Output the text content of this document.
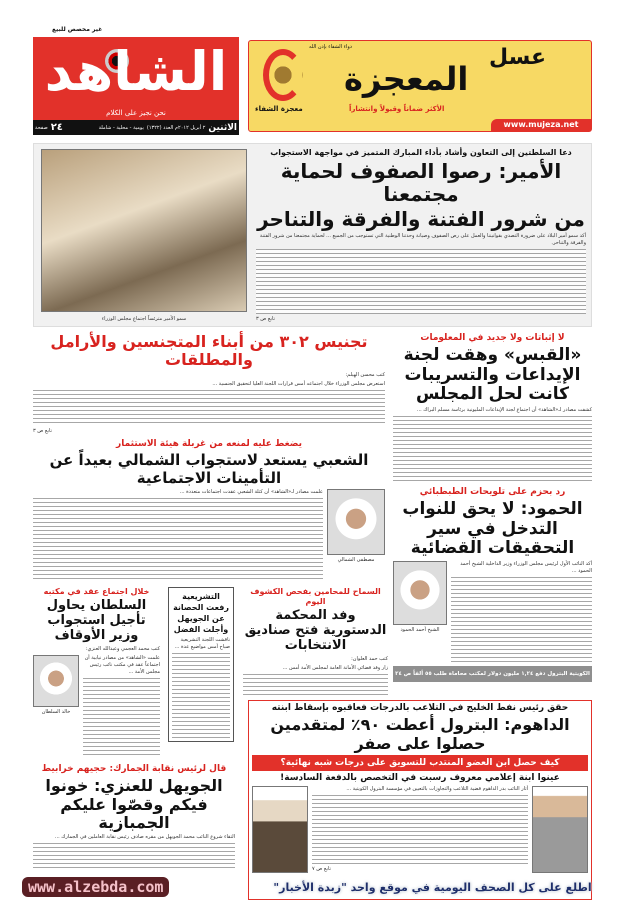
غير مخصص للبيع
الشاهد
نحن نجيز على الكلام
الاثنين
٢ أبريل ٢٠١٢م العدد (١٣٢٢)
يومية - محلية - شاملة
٢٤
صفحة
دواء الشفاء بإذن الله	عسل
المعجزة
معجزة الشفاء	الأكثر ضماناً وقبولاً وانتشاراً
www.mujeza.net
سمو الأمير مترئساً اجتماع مجلس الوزراء
دعا السلطتين إلى التعاون وأشاد بأداء المبارك المتميز في مواجهة الاستجواب
الأمير: رصوا الصفوف لحماية مجتمعنا
من شرور الفتنة والفرقة والتناحر
أكد سمو أمير البلاد على ضرورة التصدي بقوانيننا والعمل على رص الصفوف وصيانة وحدتنا الوطنية التي تستوجب من الجميع ... لحماية مجتمعنا من شرور الفتنة والفرقة والتناحر.
تابع ص ٣
لا إثباتات ولا جديد في المعلومات
«القبس» وهقت لجنة الإيداعات والتسريبات كانت لحل المجلس
كشفت مصادر لـ«الشاهد» أن اجتماع لجنة الإيداعات المليونية برئاسة مسلم البراك ...
رد بحزم على تلويحات الطبطبائي
الحمود: لا يحق للنواب التدخل في سير التحقيقات القضائية
أكد النائب الأول لرئيس مجلس الوزراء وزير الداخلية الشيخ أحمد الحمود ...
الشيخ أحمد الحمود
الكويتية البترول دفع ١,٢٤ مليون دولار لمكتب محاماة طلب ٥٥ ألفاً ص ٢٤
تجنيس ٣٠٢ من أبناء المتجنسين والأرامل والمطلقات
كتب محسن الهيلم:
استعرض مجلس الوزراء خلال اجتماعه أمس قرارات اللجنة العليا لتحقيق الجنسية ...
تابع ص ٣
يضغط عليه لمنعه من غربلة هيئة الاستثمار
الشعبي يستعد لاستجواب الشمالي بعيداً عن التأمينات الاجتماعية
مصطفى الشمالي
علمت مصادر لـ«الشاهد» أن كتلة الشعبي عقدت اجتماعات متعددة ...
السماح للمحامين بفحص الكشوف اليوم
وفد المحكمة الدستورية فتح صناديق الانتخابات
كتب حمد العلوان:
زار وفد قضائي الأمانة العامة لمجلس الأمة أمس ...
التشريعية رفعت الحصانة عن الجويهل وأجلت الفضل
ناقشت اللجنة التشريعية صباح أمس مواضيع عدة ...
خلال اجتماع عقد في مكتبه
السلطان يحاول تأجيل استجواب وزير الأوقاف
كتب محمد العجمي وعبدالله العنزي:
علمت «الشاهد» من مصادر نيابية أن اجتماعاً عقد في مكتب نائب رئيس مجلس الأمة ...
خالد السلطان
قال لرئيس نقابة الجمارك: حجيهم خرابيط
الجويهل للعنزي: خونوا فيكم وقصّوا عليكم الجمبازية
التقاء شروع النائب محمد الجويهل من مقره صادف رئيس نقابة العاملين في الجمارك ...
حقق رئيس نفط الخليج في التلاعب بالدرجات فعاقبوه بإسقاط ابنته
الداهوم: البترول أعطت ٩٠٪ لمتقدمين حصلوا على صفر
كيف حصل ابن العضو المنتدب للتسويق على درجات شبه نهائية؟
عينوا ابنة إعلامي معروف رسبت في التخصص بالدفعة السادسة!
أثار النائب بدر الداهوم قضية التلاعب والتجاوزات بالتعيين في مؤسسة البترول الكويتية ...
تابع ص ٧
www.alzebda.com	اطلع على كل الصحف اليومية في موقع واحد "زبدة الأخبار"
